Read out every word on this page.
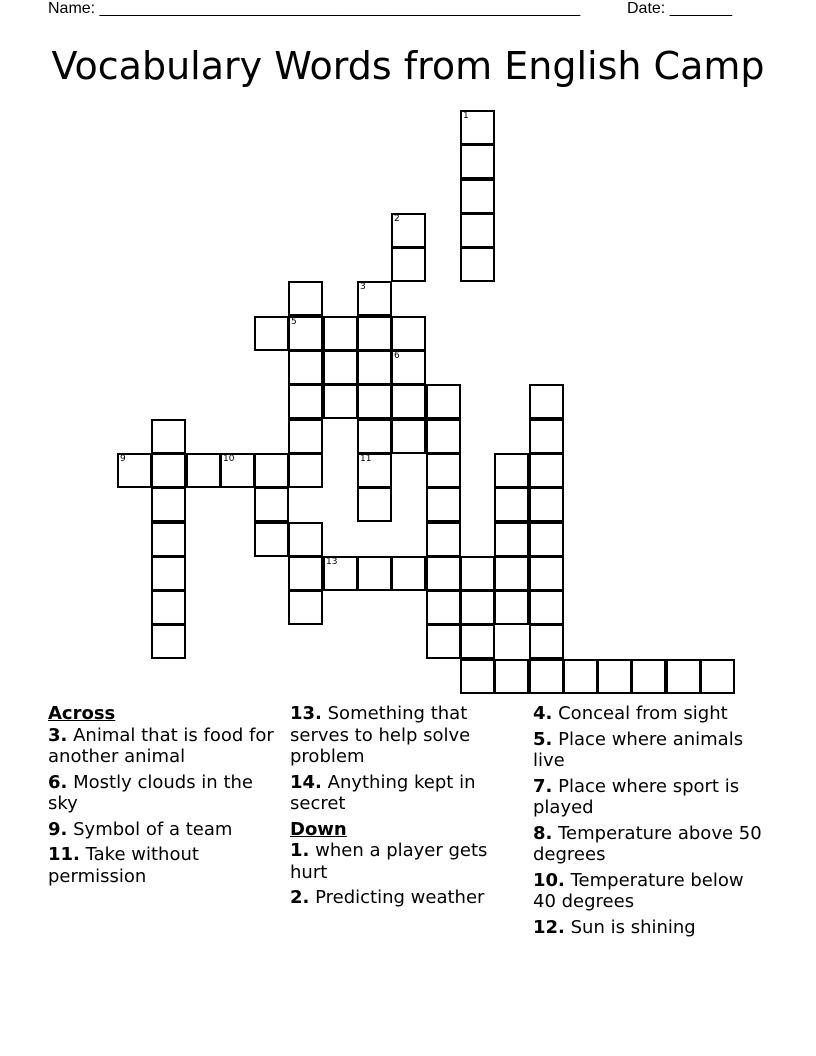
Name: ______________________________________________________	Date: _______
Vocabulary Words from English Camp
1
2
6
3
11
5
9	10
13
Across
3. Animal that is food for another animal
6. Mostly clouds in the sky
9. Symbol of a team
11. Take without permission
13. Something that serves to help solve problem
14. Anything kept in secret
Down
1. when a player gets hurt
2. Predicting weather
4. Conceal from sight
5. Place where animals live
7. Place where sport is played
8. Temperature above 50 degrees
10. Temperature below 40 degrees
12. Sun is shining
